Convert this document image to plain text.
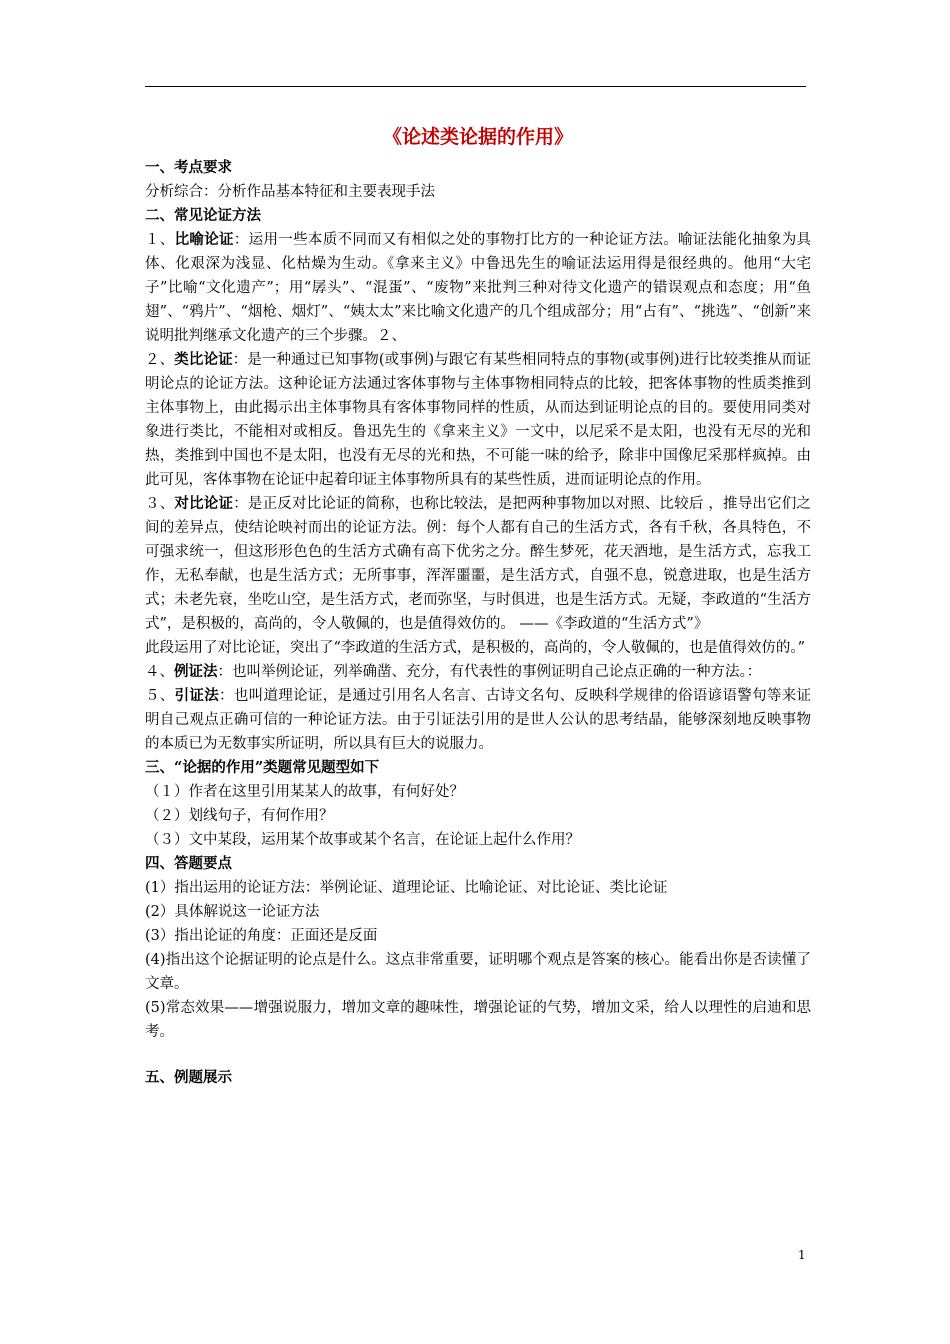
《论述类论据的作用》

一、考点要求

分析综合：分析作品基本特征和主要表现手法

二、常见论证方法

１、比喻论证：运用一些本质不同而又有相似之处的事物打比方的一种论证方法。喻证法能化抽象为具体、化艰深为浅显、化枯燥为生动。《拿来主义》中鲁迅先生的喻证法运用得是很经典的。他用“大宅子”比喻“文化遗产”；用“孱头”、“混蛋”、“废物”来批判三种对待文化遗产的错误观点和态度；用“鱼翅”、“鸦片”、“烟枪、烟灯”、“姨太太”来比喻文化遗产的几个组成部分；用“占有”、“挑选”、“创新”来说明批判继承文化遗产的三个步骤。２、

２、类比论证：是一种通过已知事物(或事例)与跟它有某些相同特点的事物(或事例)进行比较类推从而证明论点的论证方法。这种论证方法通过客体事物与主体事物相同特点的比较，把客体事物的性质类推到主体事物上，由此揭示出主体事物具有客体事物同样的性质，从而达到证明论点的目的。要使用同类对象进行类比，不能相对或相反。鲁迅先生的《拿来主义》一文中，以尼采不是太阳，也没有无尽的光和热，类推到中国也不是太阳，也没有无尽的光和热，不可能一味的给予，除非中国像尼采那样疯掉。由此可见，客体事物在论证中起着印证主体事物所具有的某些性质，进而证明论点的作用。

３、对比论证：是正反对比论证的简称，也称比较法，是把两种事物加以对照、比较后 ，推导出它们之间的差异点，使结论映衬而出的论证方法。例：每个人都有自己的生活方式，各有千秋，各具特色，不可强求统一，但这形形色色的生活方式确有高下优劣之分。醉生梦死，花天酒地，是生活方式，忘我工作，无私奉献，也是生活方式；无所事事，浑浑噩噩，是生活方式，自强不息，锐意进取，也是生活方式；未老先衰，坐吃山空，是生活方式，老而弥坚，与时俱进，也是生活方式。无疑，李政道的“生活方式”，是积极的，高尚的，令人敬佩的，也是值得效仿的。 ——《李政道的“生活方式”》

此段运用了对比论证，突出了“李政道的生活方式，是积极的，高尚的，令人敬佩的，也是值得效仿的。”

４、例证法：也叫举例论证，列举确凿、充分，有代表性的事例证明自己论点正确的一种方法。：

５、引证法：也叫道理论证，是通过引用名人名言、古诗文名句、反映科学规律的俗语谚语警句等来证明自己观点正确可信的一种论证方法。由于引证法引用的是世人公认的思考结晶，能够深刻地反映事物的本质已为无数事实所证明，所以具有巨大的说服力。

三、“论据的作用”类题常见题型如下

（１）作者在这里引用某某人的故事，有何好处？

（２）划线句子，有何作用？

（３）文中某段，运用某个故事或某个名言，在论证上起什么作用？

四、答题要点

(1）指出运用的论证方法：举例论证、道理论证、比喻论证、对比论证、类比论证

(2）具体解说这一论证方法

(3）指出论证的角度：正面还是反面

(4)指出这个论据证明的论点是什么。这点非常重要，证明哪个观点是答案的核心。能看出你是否读懂了文章。

(5)常态效果——增强说服力，增加文章的趣味性，增强论证的气势，增加文采，给人以理性的启迪和思考。

五、例题展示

1
